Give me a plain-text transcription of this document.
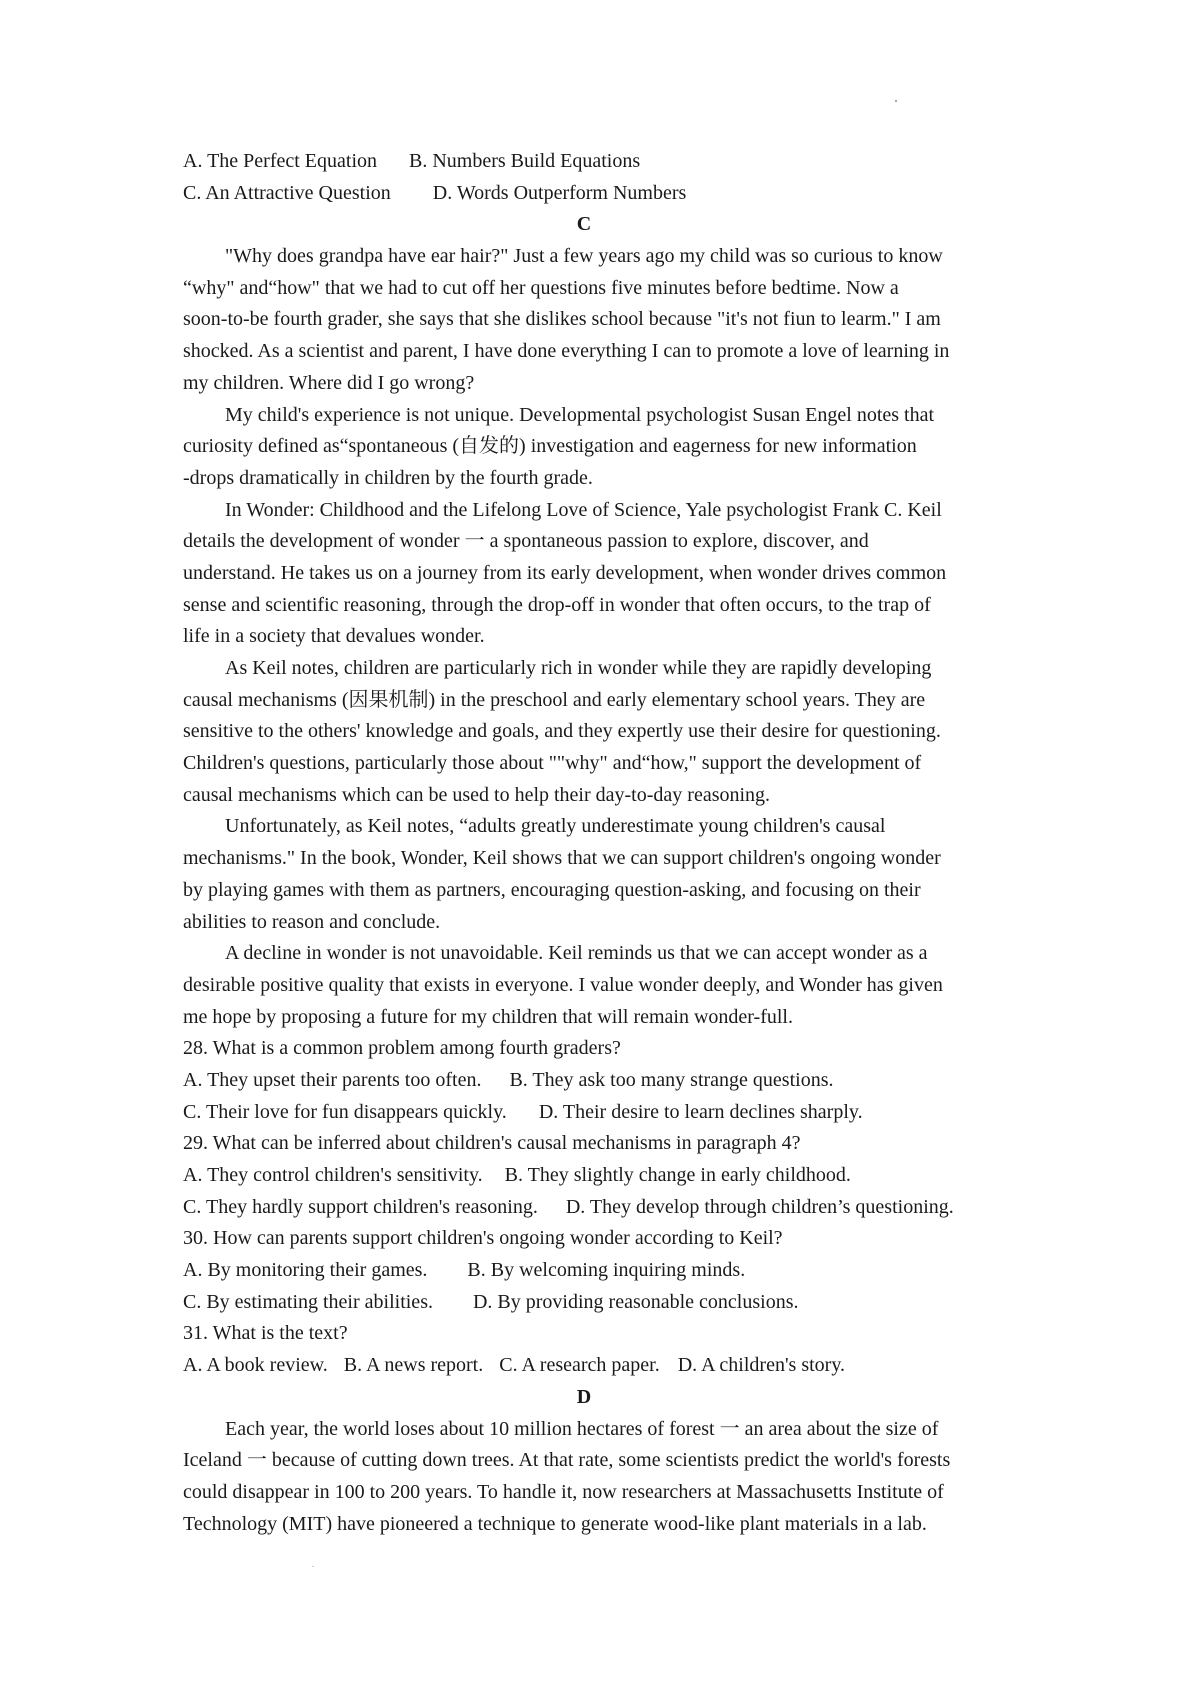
A. The Perfect Equation B. Numbers Build Equations
C. An Attractive Question D. Words Outperform Numbers
C
"Why does grandpa have ear hair?" Just a few years ago my child was so curious to know
“why" and“how" that we had to cut off her questions five minutes before bedtime. Now a
soon-to-be fourth grader, she says that she dislikes school because "it's not fiun to learm." I am
shocked. As a scientist and parent, I have done everything I can to promote a love of learning in
my children. Where did I go wrong?
My child's experience is not unique. Developmental psychologist Susan Engel notes that
curiosity defined as“spontaneous (自发的) investigation and eagerness for new information
-drops dramatically in children by the fourth grade.
In Wonder: Childhood and the Lifelong Love of Science, Yale psychologist Frank C. Keil
details the development of wonder 一 a spontaneous passion to explore, discover, and
understand. He takes us on a journey from its early development, when wonder drives common
sense and scientific reasoning, through the drop-off in wonder that often occurs, to the trap of
life in a society that devalues wonder.
As Keil notes, children are particularly rich in wonder while they are rapidly developing
causal mechanisms (因果机制) in the preschool and early elementary school years. They are
sensitive to the others' knowledge and goals, and they expertly use their desire for questioning.
Children's questions, particularly those about ""why" and“how," support the development of
causal mechanisms which can be used to help their day-to-day reasoning.
Unfortunately, as Keil notes, “adults greatly underestimate young children's causal
mechanisms." In the book, Wonder, Keil shows that we can support children's ongoing wonder
by playing games with them as partners, encouraging question-asking, and focusing on their
abilities to reason and conclude.
A decline in wonder is not unavoidable. Keil reminds us that we can accept wonder as a
desirable positive quality that exists in everyone. I value wonder deeply, and Wonder has given
me hope by proposing a future for my children that will remain wonder-full.
28. What is a common problem among fourth graders?
A. They upset their parents too often. B. They ask too many strange questions.
C. Their love for fun disappears quickly. D. Their desire to learn declines sharply.
29. What can be inferred about children's causal mechanisms in paragraph 4?
A. They control children's sensitivity. B. They slightly change in early childhood.
C. They hardly support children's reasoning. D. They develop through children’s questioning.
30. How can parents support children's ongoing wonder according to Keil?
A. By monitoring their games. B. By welcoming inquiring minds.
C. By estimating their abilities. D. By providing reasonable conclusions.
31. What is the text?
A. A book review. B. A news report. C. A research paper. D. A children's story.
D
Each year, the world loses about 10 million hectares of forest 一 an area about the size of
Iceland 一 because of cutting down trees. At that rate, some scientists predict the world's forests
could disappear in 100 to 200 years. To handle it, now researchers at Massachusetts Institute of
Technology (MIT) have pioneered a technique to generate wood-like plant materials in a lab.
